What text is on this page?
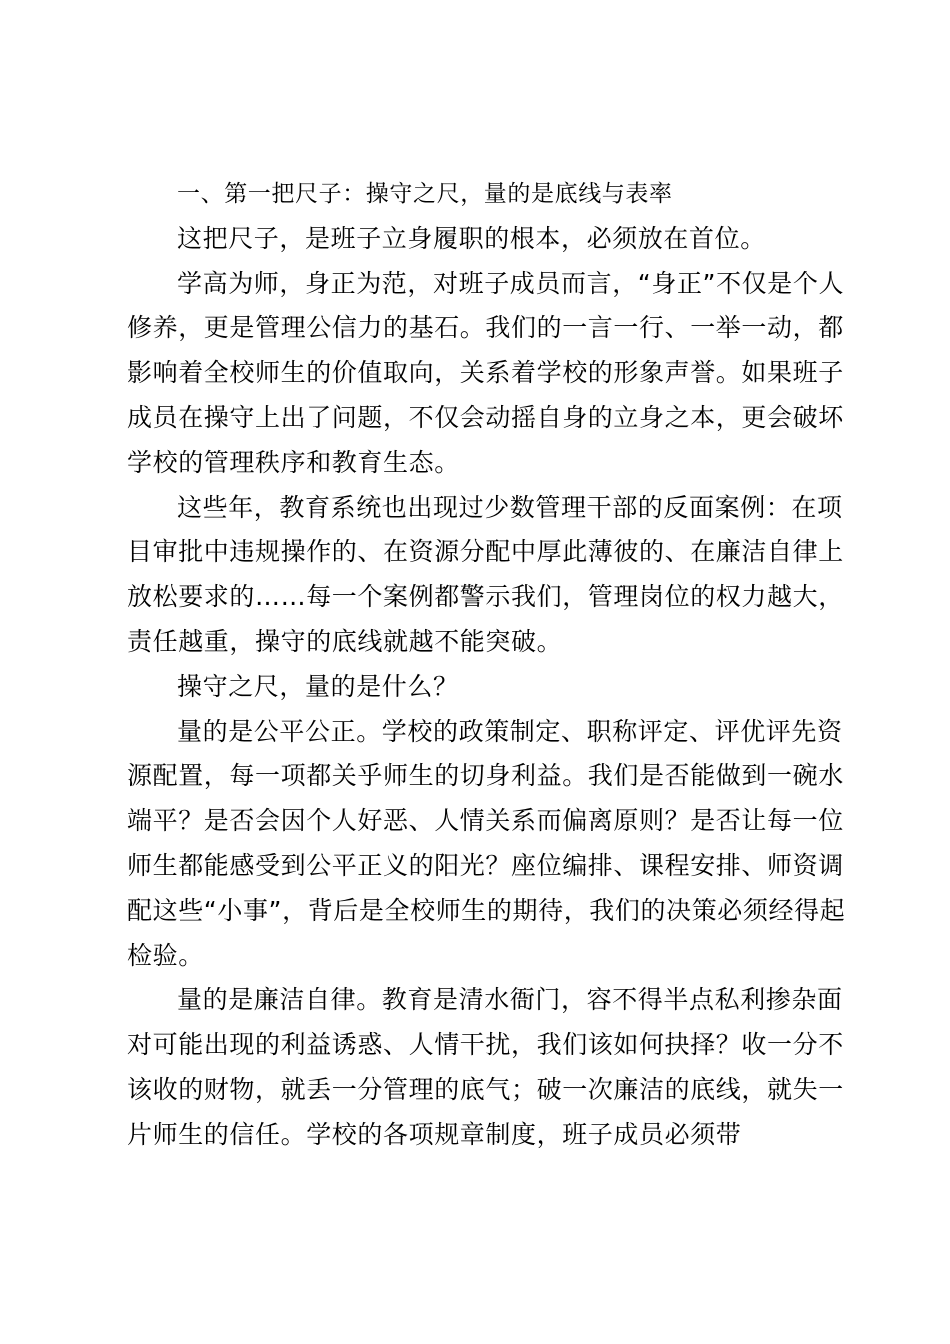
一、第一把尺子：操守之尺，量的是底线与表率

这把尺子，是班子立身履职的根本，必须放在首位。

学高为师，身正为范，对班子成员而言，“身正”不仅是个人修养，更是管理公信力的基石。我们的一言一行、一举一动，都影响着全校师生的价值取向，关系着学校的形象声誉。如果班子成员在操守上出了问题，不仅会动摇自身的立身之本，更会破坏学校的管理秩序和教育生态。

这些年，教育系统也出现过少数管理干部的反面案例：在项目审批中违规操作的、在资源分配中厚此薄彼的、在廉洁自律上放松要求的……每一个案例都警示我们，管理岗位的权力越大，责任越重，操守的底线就越不能突破。

操守之尺，量的是什么？

量的是公平公正。学校的政策制定、职称评定、评优评先资源配置，每一项都关乎师生的切身利益。我们是否能做到一碗水端平？是否会因个人好恶、人情关系而偏离原则？是否让每一位师生都能感受到公平正义的阳光？座位编排、课程安排、师资调配这些“小事”，背后是全校师生的期待，我们的决策必须经得起检验。

量的是廉洁自律。教育是清水衙门，容不得半点私利掺杂面对可能出现的利益诱惑、人情干扰，我们该如何抉择？收一分不该收的财物，就丢一分管理的底气；破一次廉洁的底线，就失一片师生的信任。学校的各项规章制度，班子成员必须带
